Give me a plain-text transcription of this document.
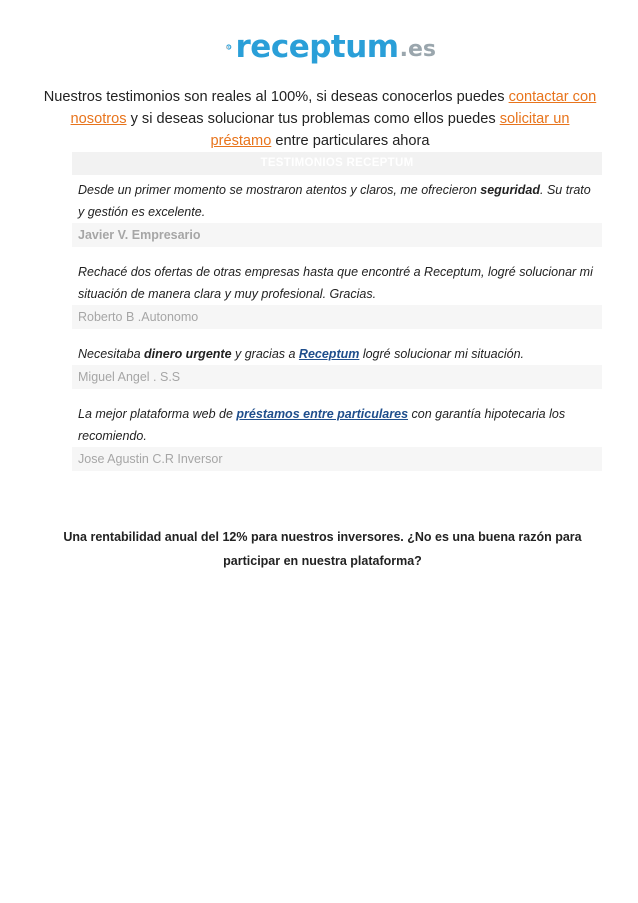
receptum .es
Nuestros testimonios son reales al 100%, si deseas conocerlos puedes contactar con nosotros y si deseas solucionar tus problemas como ellos puedes solicitar un préstamo entre particulares ahora
TESTIMONIOS RECEPTUM
Desde un primer momento se mostraron atentos y claros, me ofrecieron seguridad. Su trato y gestión es excelente.
Javier V. Empresario
Rechacé dos ofertas de otras empresas hasta que encontré a Receptum, logré solucionar mi situación de manera clara y muy profesional. Gracias.
Roberto B .Autonomo
Necesitaba dinero urgente y gracias a Receptum logré solucionar mi situación.
Miguel Angel . S.S
La mejor plataforma web de préstamos entre particulares con garantía hipotecaria los recomiendo.
Jose Agustin C.R Inversor
Una rentabilidad anual del 12% para nuestros inversores. ¿No es una buena razón para participar en nuestra plataforma?
